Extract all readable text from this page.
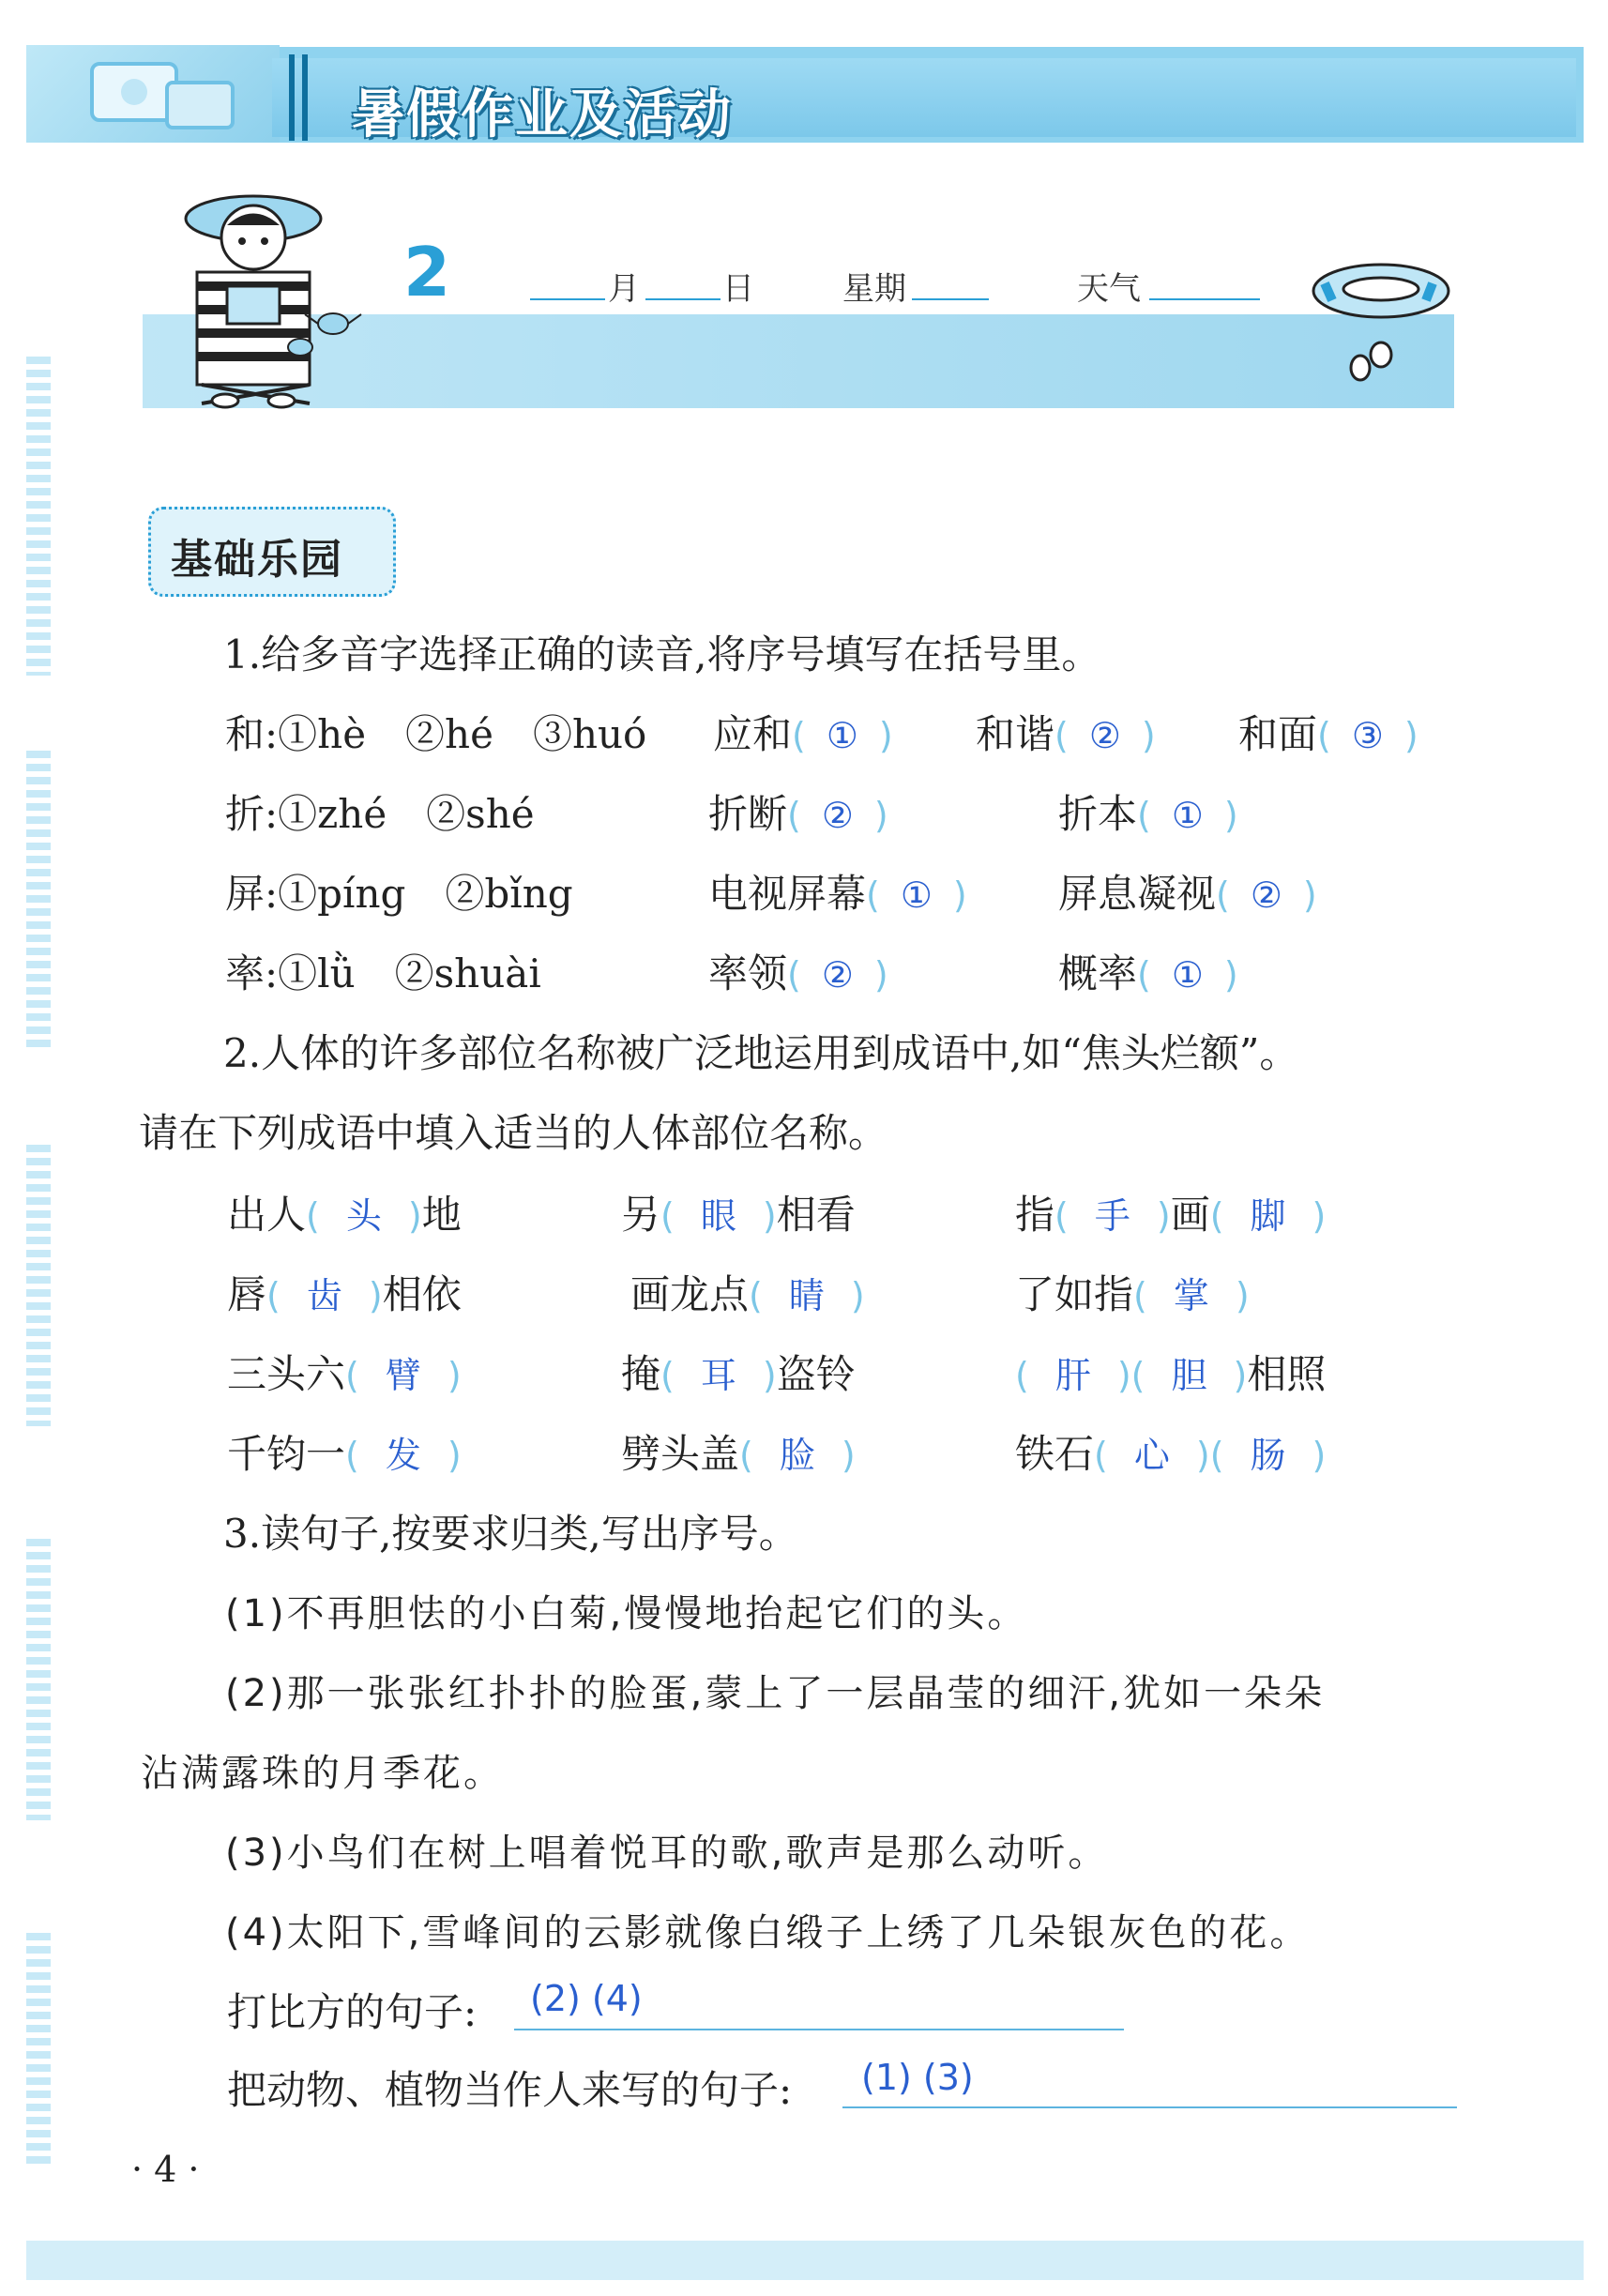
暑假作业及活动
2	月	日	星期	天气
基础乐园
1.给多音字选择正确的读音,将序号填写在括号里。
和:①hè　②hé　③huó 应和( ① ) 和谐( ② ) 和面( ③ )
折:①zhé　②shé	折断( ② )	折本( ① )
屏:①píng　②bǐng	电视屏幕( ① ) 屏息凝视( ② )
率:①lǜ　②shuài	率领( ② )	概率( ① )
2.人体的许多部位名称被广泛地运用到成语中,如“焦头烂额”。
请在下列成语中填入适当的人体部位名称。
出人( 头 )地	另( 眼 )相看	指( 手 )画( 脚 )
唇( 齿 )相依	画龙点( 睛 )	了如指( 掌 )
三头六( 臂 )	掩( 耳 )盗铃	( 肝 )( 胆 )相照
千钧一( 发 )	劈头盖( 脸 )	铁石( 心 )( 肠 )
3.读句子,按要求归类,写出序号。
(1)不再胆怯的小白菊,慢慢地抬起它们的头。
(2)那一张张红扑扑的脸蛋,蒙上了一层晶莹的细汗,犹如一朵朵
沾满露珠的月季花。
(3)小鸟们在树上唱着悦耳的歌,歌声是那么动听。
(4)太阳下,雪峰间的云影就像白缎子上绣了几朵银灰色的花。
打比方的句子: (2) (4)
把动物、植物当作人来写的句子: (1) (3)
· 4 ·
